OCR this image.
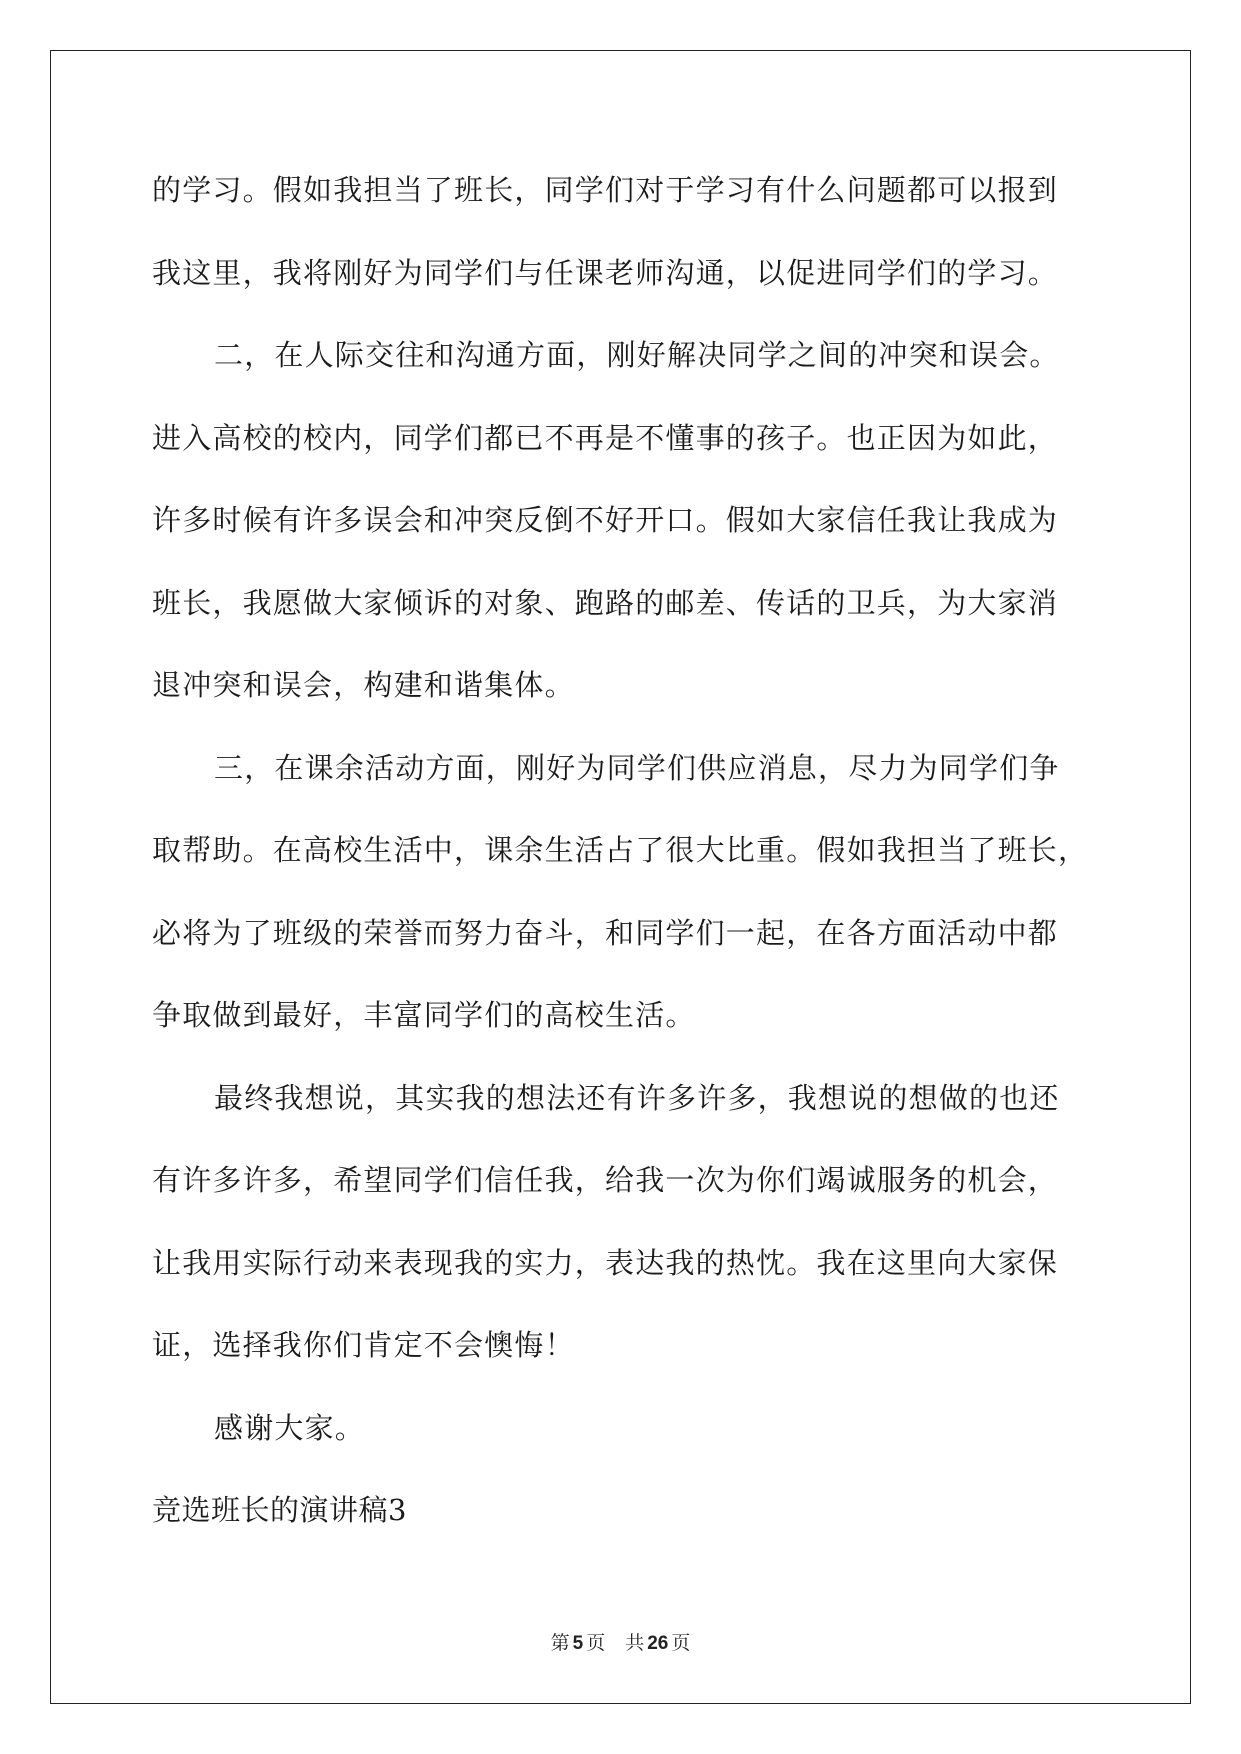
的学习。假如我担当了班长，同学们对于学习有什么问题都可以报到
我这里，我将刚好为同学们与任课老师沟通，以促进同学们的学习。
二，在人际交往和沟通方面，刚好解决同学之间的冲突和误会。
进入高校的校内，同学们都已不再是不懂事的孩子。也正因为如此，
许多时候有许多误会和冲突反倒不好开口。假如大家信任我让我成为
班长，我愿做大家倾诉的对象、跑路的邮差、传话的卫兵，为大家消
退冲突和误会，构建和谐集体。
三，在课余活动方面，刚好为同学们供应消息，尽力为同学们争
取帮助。在高校生活中，课余生活占了很大比重。假如我担当了班长，
必将为了班级的荣誉而努力奋斗，和同学们一起，在各方面活动中都
争取做到最好，丰富同学们的高校生活。
最终我想说，其实我的想法还有许多许多，我想说的想做的也还
有许多许多，希望同学们信任我，给我一次为你们竭诚服务的机会，
让我用实际行动来表现我的实力，表达我的热忱。我在这里向大家保
证，选择我你们肯定不会懊悔！
感谢大家。
竞选班长的演讲稿3
第 5 页 共 26 页
